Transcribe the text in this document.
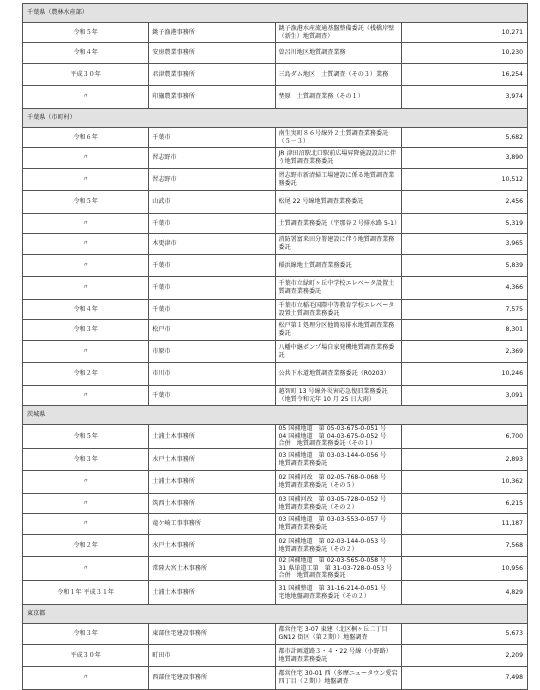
千葉県（農林水産部）			
令和５年	銚子漁港事務所	銚子漁港水産流通基盤整備委託（桟橋岸壁（新生）地質調査）	10,271
令和４年	安房農業事務所	曽呂川地区地質調査業務	10,230
平成３０年	君津農業事務所	三島ダム地区　土質調査（その３）業務	16,254
〃	印旛農業事務所	埜原　土質調査業務（その１）	3,974
千葉県（市町村）			
令和６年	千葉市	南生実町８６号線外２土質調査業務委託（５－３）	5,682
〃	習志野市	JR 津田沼駅北口駅前広場昇降施設設計に伴う地質調査業務委託	3,890
〃	習志野市	習志野市新清掃工場建設に係る地質調査業務委託	10,512
令和５年	山武市	松尾 22 号線地質調査業務委託	2,456
〃	千葉市	土質調査業務委託（宇那谷２号排水路 5-1）	5,319
〃	木更津市	消防署富来田分署建設に伴う地質調査業務委託	3,965
〃	千葉市	稲浜線地土質調査業務委託	5,839
〃	千葉市	千葉市立緑町ヶ丘中学校エレベータ設置土質調査業務委託	4,366
令和４年	千葉市	千葉市立稲毛国際中等教育学校エレベータ設置土質調査業務委託	7,575
令和３年	松戸市	松戸第１処理分区他簡易排水地質調査業務委託	8,301
〃	市原市	八幡中継ポンプ場自家発機地質調査業務委託	2,369
令和２年	市川市	公共下水道地質調査業務委託（R0203）	10,246
〃	千葉市	越智町 13 号線外災害応急復旧業務委託（地質令和元年 10 月 25 日大雨）	3,091
茨城県			
令和５年	土浦土木事務所	05 国補地道　第 05-03-675-0-051 号　04 国補地道　第 04-03-675-0-052 号　合併　地質調査業務委託（その１）	6,700
令和３年	水戸土木事務所	03 国補地道　第 03-03-144-0-056 号　地質調査業務委託	2,893
〃	土浦土木事務所	02 国補河改　第 02-05-768-0-068 号　地質調査業務委託（その５）	10,362
〃	筑西土木事務所	03 国補河改　第 03-05-728-0-052 号　地質調査業務委託（その２）	6,215
〃	竜ケ崎工事事務所	03 国補地道　第 03-03-553-0-057 号　地質調査業務委託	11,187
令和２年	水戸土木事務所	02 国補地道　第 02-03-144-0-053 号　地質調査業務委託（その２）	7,568
〃	常陸大宮土木事務所	02 国補地道　第 02-03-565-0-058 号　31 県単道工第　第 31-03-728-0-053 号　合併　地質調査業務委託	10,956
令和１年 平成３１年	土浦土木事務所	31 国補整道　第 31-16-214-0-051 号　宅地地盤調査業務委託（その２）	4,829
東京都			
令和３年	東部住宅建設事務所	都営住宅 3-07 東建（北区桐ヶ丘二丁目 GN12 街区（第２期））地盤調査	5,673
平成３０年	町田市	都市計画道路３・４・22 号線（小野路）地質調査業務委託	2,209
〃	西部住宅建設事務所	都営住宅 30-01 西（多摩ニュータウン愛宕四丁目（２期））地盤調査	7,498
